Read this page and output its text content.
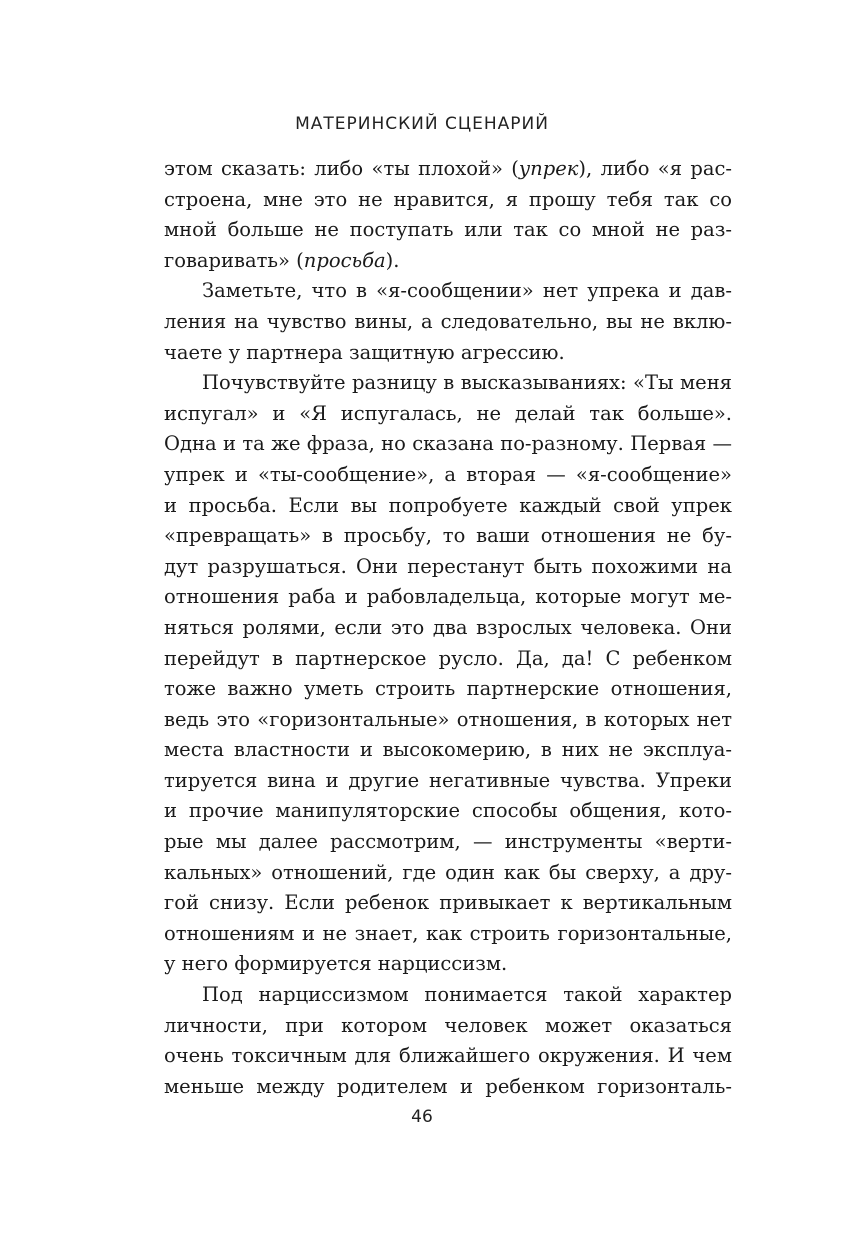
МАТЕРИНСКИЙ СЦЕНАРИЙ
этом сказать: либо «ты плохой» (упрек), либо «я рас-
строена, мне это не нравится, я прошу тебя так со
мной больше не поступать или так со мной не раз-
говаривать» (просьба).
Заметьте, что в «я-сообщении» нет упрека и дав-
ления на чувство вины, а следовательно, вы не вклю-
чаете у партнера защитную агрессию.
Почувствуйте разницу в высказываниях: «Ты меня
испугал» и «Я испугалась, не делай так больше».
Одна и та же фраза, но сказана по-разному. Первая —
упрек и «ты-сообщение», а вторая — «я-сообщение»
и просьба. Если вы попробуете каждый свой упрек
«превращать» в просьбу, то ваши отношения не бу-
дут разрушаться. Они перестанут быть похожими на
отношения раба и рабовладельца, которые могут ме-
няться ролями, если это два взрослых человека. Они
перейдут в партнерское русло. Да, да! С ребенком
тоже важно уметь строить партнерские отношения,
ведь это «горизонтальные» отношения, в которых нет
места властности и высокомерию, в них не эксплуа-
тируется вина и другие негативные чувства. Упреки
и прочие манипуляторские способы общения, кото-
рые мы далее рассмотрим, — инструменты «верти-
кальных» отношений, где один как бы сверху, а дру-
гой снизу. Если ребенок привыкает к вертикальным
отношениям и не знает, как строить горизонтальные,
у него формируется нарциссизм.
Под нарциссизмом понимается такой характер
личности, при котором человек может оказаться
очень токсичным для ближайшего окружения. И чем
меньше между родителем и ребенком горизонталь-
46
